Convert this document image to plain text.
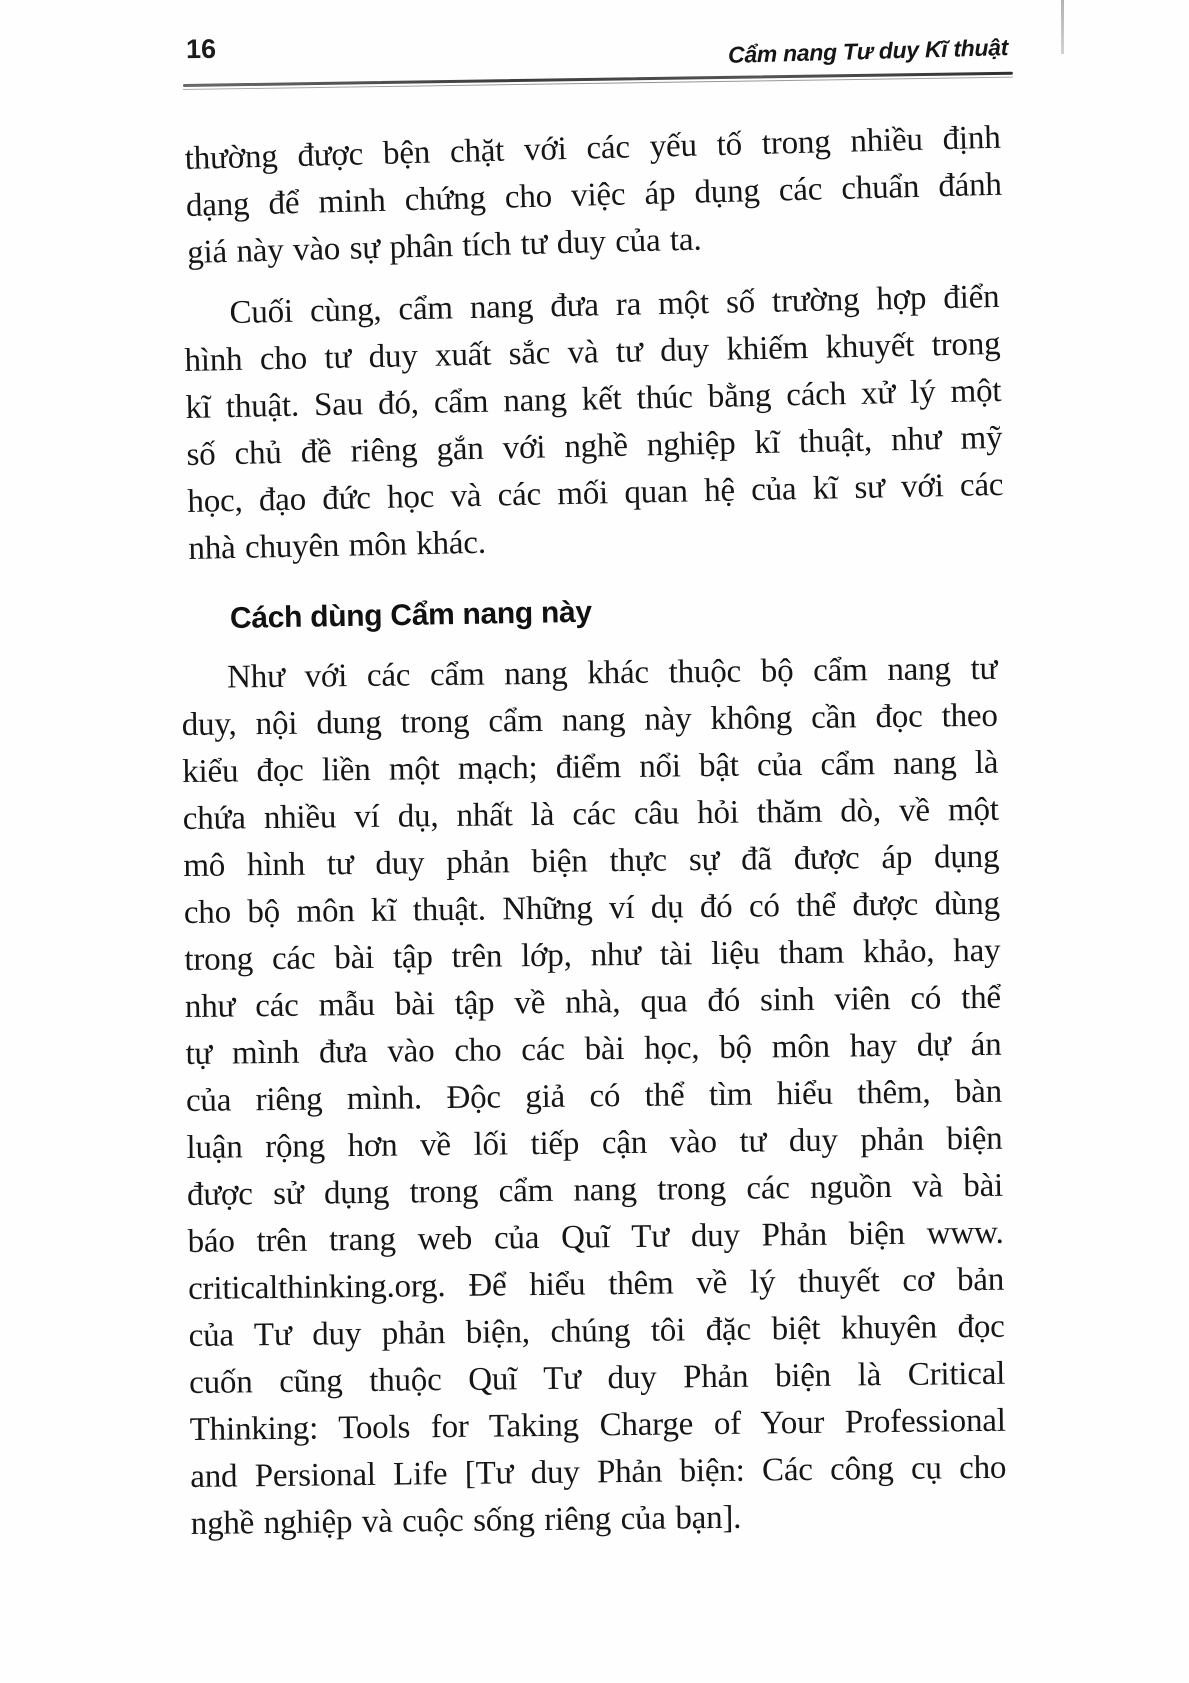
16	Cẩm nang Tư duy Kĩ thuật
thường được bện chặt với các yếu tố trong nhiều định
dạng để minh chứng cho việc áp dụng các chuẩn đánh
giá này vào sự phân tích tư duy của ta.
Cuối cùng, cẩm nang đưa ra một số trường hợp điển
hình cho tư duy xuất sắc và tư duy khiếm khuyết trong
kĩ thuật. Sau đó, cẩm nang kết thúc bằng cách xử lý một
số chủ đề riêng gắn với nghề nghiệp kĩ thuật, như mỹ
học, đạo đức học và các mối quan hệ của kĩ sư với các
nhà chuyên môn khác.
Cách dùng Cẩm nang này
Như với các cẩm nang khác thuộc bộ cẩm nang tư
duy, nội dung trong cẩm nang này không cần đọc theo
kiểu đọc liền một mạch; điểm nổi bật của cẩm nang là
chứa nhiều ví dụ, nhất là các câu hỏi thăm dò, về một
mô hình tư duy phản biện thực sự đã được áp dụng
cho bộ môn kĩ thuật. Những ví dụ đó có thể được dùng
trong các bài tập trên lớp, như tài liệu tham khảo, hay
như các mẫu bài tập về nhà, qua đó sinh viên có thể
tự mình đưa vào cho các bài học, bộ môn hay dự án
của riêng mình. Độc giả có thể tìm hiểu thêm, bàn
luận rộng hơn về lối tiếp cận vào tư duy phản biện
được sử dụng trong cẩm nang trong các nguồn và bài
báo trên trang web của Quĩ Tư duy Phản biện www.
criticalthinking.org. Để hiểu thêm về lý thuyết cơ bản
của Tư duy phản biện, chúng tôi đặc biệt khuyên đọc
cuốn cũng thuộc Quĩ Tư duy Phản biện là Critical
Thinking: Tools for Taking Charge of Your Professional
and Persional Life [Tư duy Phản biện: Các công cụ cho
nghề nghiệp và cuộc sống riêng của bạn].
